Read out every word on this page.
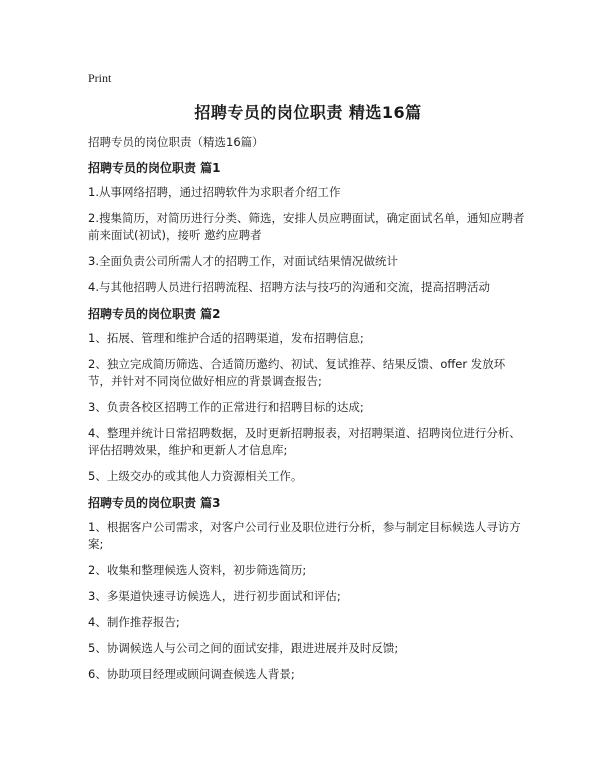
Print
招聘专员的岗位职责 精选16篇
招聘专员的岗位职责（精选16篇）
招聘专员的岗位职责 篇1
1.从事网络招聘，通过招聘软件为求职者介绍工作
2.搜集简历，对简历进行分类、筛选，安排人员应聘面试，确定面试名单，通知应聘者前来面试(初试)，接听 邀约应聘者
3.全面负责公司所需人才的招聘工作，对面试结果情况做统计
4.与其他招聘人员进行招聘流程、招聘方法与技巧的沟通和交流，提高招聘活动
招聘专员的岗位职责 篇2
1、拓展、管理和维护合适的招聘渠道，发布招聘信息;
2、独立完成简历筛选、合适简历邀约、初试、复试推荐、结果反馈、offer 发放环节，并针对不同岗位做好相应的背景调查报告;
3、负责各校区招聘工作的正常进行和招聘目标的达成;
4、整理并统计日常招聘数据，及时更新招聘报表，对招聘渠道、招聘岗位进行分析、评估招聘效果，维护和更新人才信息库;
5、上级交办的或其他人力资源相关工作。
招聘专员的岗位职责 篇3
1、根据客户公司需求，对客户公司行业及职位进行分析，参与制定目标候选人寻访方案;
2、收集和整理候选人资料，初步筛选简历;
3、多渠道快速寻访候选人，进行初步面试和评估;
4、制作推荐报告;
5、协调候选人与公司之间的面试安排，跟进进展并及时反馈;
6、协助项目经理或顾问调查候选人背景;
